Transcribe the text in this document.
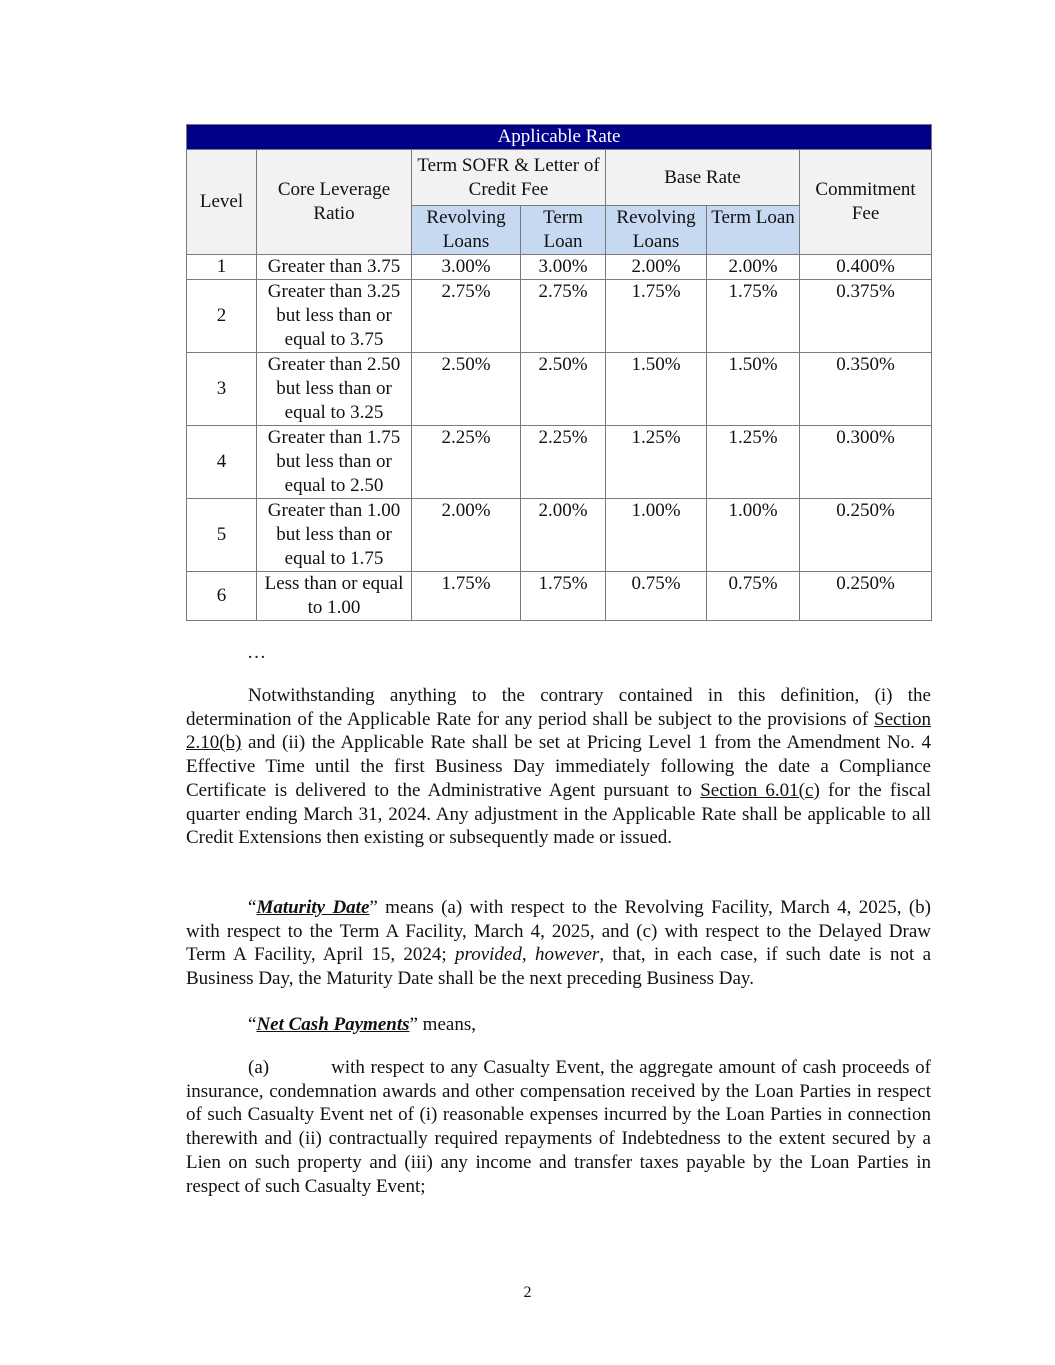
Applicable Rate						
Level	Core Leverage Ratio	Term SOFR & Letter of Credit Fee		Base Rate		Commitment Fee
		Revolving Loans	Term Loan	Revolving Loans	Term Loan	
1	Greater than 3.75	3.00%	3.00%	2.00%	2.00%	0.400%
2	Greater than 3.25 but less than or equal to 3.75	2.75%	2.75%	1.75%	1.75%	0.375%
3	Greater than 2.50 but less than or equal to 3.25	2.50%	2.50%	1.50%	1.50%	0.350%
4	Greater than 1.75 but less than or equal to 2.50	2.25%	2.25%	1.25%	1.25%	0.300%
5	Greater than 1.00 but less than or equal to 1.75	2.00%	2.00%	1.00%	1.00%	0.250%
6	Less than or equal to 1.00	1.75%	1.75%	0.75%	0.75%	0.250%
…

Notwithstanding anything to the contrary contained in this definition, (i) the determination of the Applicable Rate for any period shall be subject to the provisions of Section 2.10(b) and (ii) the Applicable Rate shall be set at Pricing Level 1 from the Amendment No. 4 Effective Time until the first Business Day immediately following the date a Compliance Certificate is delivered to the Administrative Agent pursuant to Section 6.01(c) for the fiscal quarter ending March 31, 2024. Any adjustment in the Applicable Rate shall be applicable to all Credit Extensions then existing or subsequently made or issued.

“Maturity Date” means (a) with respect to the Revolving Facility, March 4, 2025, (b) with respect to the Term A Facility, March 4, 2025, and (c) with respect to the Delayed Draw Term A Facility, April 15, 2024; provided, however, that, in each case, if such date is not a Business Day, the Maturity Date shall be the next preceding Business Day.

“Net Cash Payments” means,

(a)	with respect to any Casualty Event, the aggregate amount of cash proceeds of insurance, condemnation awards and other compensation received by the Loan Parties in respect of such Casualty Event net of (i) reasonable expenses incurred by the Loan Parties in connection therewith and (ii) contractually required repayments of Indebtedness to the extent secured by a Lien on such property and (iii) any income and transfer taxes payable by the Loan Parties in respect of such Casualty Event;

2
